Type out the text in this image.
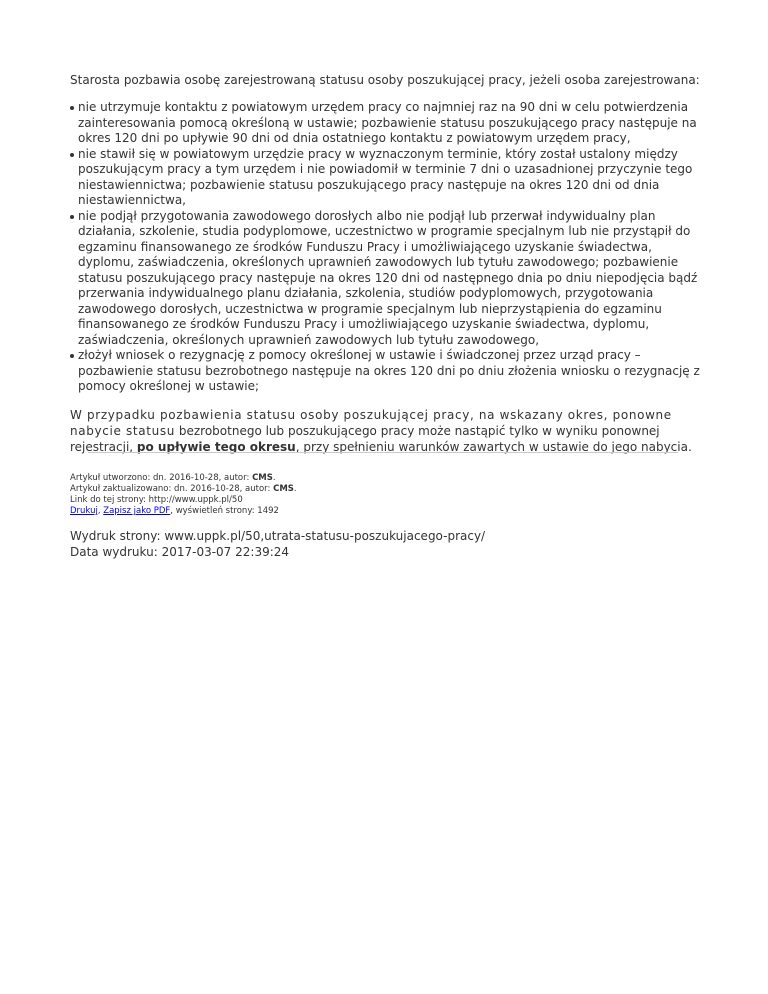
Starosta pozbawia osobę zarejestrowaną statusu osoby poszukującej pracy, jeżeli osoba zarejestrowana:

nie utrzymuje kontaktu z powiatowym urzędem pracy co najmniej raz na 90 dni w celu potwierdzenia zainteresowania pomocą określoną w ustawie; pozbawienie statusu poszukującego pracy następuje na okres 120 dni po upływie 90 dni od dnia ostatniego kontaktu z powiatowym urzędem pracy,
nie stawił się w powiatowym urzędzie pracy w wyznaczonym terminie, który został ustalony między poszukującym pracy a tym urzędem i nie powiadomił w terminie 7 dni o uzasadnionej przyczynie tego niestawiennictwa; pozbawienie statusu poszukującego pracy następuje na okres 120 dni od dnia niestawiennictwa,
nie podjął przygotowania zawodowego dorosłych albo nie podjął lub przerwał indywidualny plan działania, szkolenie, studia podyplomowe, uczestnictwo w programie specjalnym lub nie przystąpił do egzaminu finansowanego ze środków Funduszu Pracy i umożliwiającego uzyskanie świadectwa, dyplomu, zaświadczenia, określonych uprawnień zawodowych lub tytułu zawodowego; pozbawienie statusu poszukującego pracy następuje na okres 120 dni od następnego dnia po dniu niepodjęcia bądź przerwania indywidualnego planu działania, szkolenia, studiów podyplomowych, przygotowania zawodowego dorosłych, uczestnictwa w programie specjalnym lub nieprzystąpienia do egzaminu finansowanego ze środków Funduszu Pracy i umożliwiającego uzyskanie świadectwa, dyplomu, zaświadczenia, określonych uprawnień zawodowych lub tytułu zawodowego,
złożył wniosek o rezygnację z pomocy określonej w ustawie i świadczonej przez urząd pracy – pozbawienie statusu bezrobotnego następuje na okres 120 dni po dniu złożenia wniosku o rezygnację z pomocy określonej w ustawie;

W przypadku pozbawienia statusu osoby poszukującej pracy, na wskazany okres, ponowne nabycie statusu bezrobotnego lub poszukującego pracy może nastąpić tylko w wyniku ponownej rejestracji, po upływie tego okresu, przy spełnieniu warunków zawartych w ustawie do jego nabycia.

Artykuł utworzono: dn. 2016-10-28, autor: CMS.
Artykuł zaktualizowano: dn. 2016-10-28, autor: CMS.
Link do tej strony: http://www.uppk.pl/50
Drukuj, Zapisz jako PDF, wyświetleń strony: 1492
Wydruk strony: www.uppk.pl/50,utrata-statusu-poszukujacego-pracy/
Data wydruku: 2017-03-07 22:39:24
